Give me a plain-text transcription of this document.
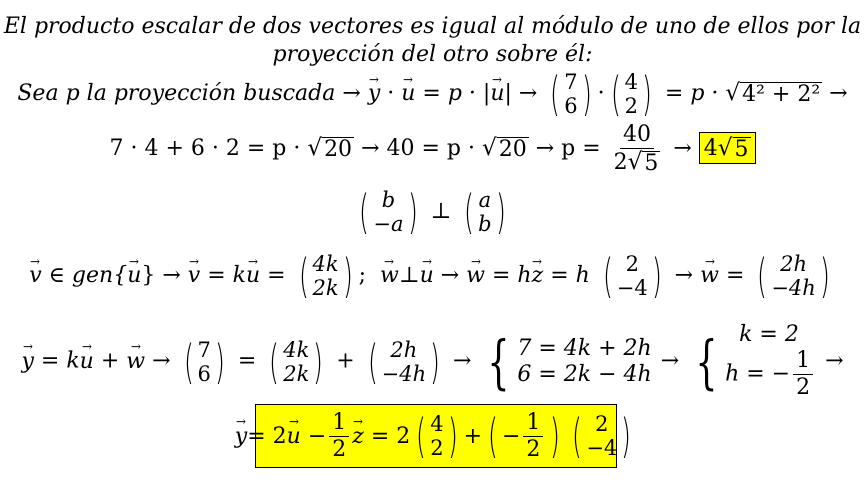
El producto escalar de dos vectores es igual al módulo de uno de ellos por la
proyección del otro sobre él:
Sea p la proyección buscada → → y · → u = p · |→ u| → ( 7
6 ) · ( 4
2 ) = p · √ 4² + 2² →
7 · 4 + 6 · 2 = p · √ 20 → 40 = p · √ $20 \to p = \frac{40}{2 √ 5} \to 4$ √ 5
( b
−a ) ⊥ ( a
b )
→ v ∈ gen{→ u} → → v = k→ u = ( 4k
2k ) ;  → w⊥→ u → → w = h→ z = h ( 2
−4 ) → → w = ( 2h
−4h )
→ y = k→ u + → w → ( 7
6 ) = ( 4k
2k ) + ( 2h
−4h ) → { 7 = 4k + 2h
6 = 2k − 4h
→ { k = 2
h = − $\frac{1}{2}$ →
→ y = 2
→ u
− $\frac{1}{2}$
→ z
= 2 ( 4
2 ) + ( − $\frac{1}{2}$ ) ( 2
−4 )
